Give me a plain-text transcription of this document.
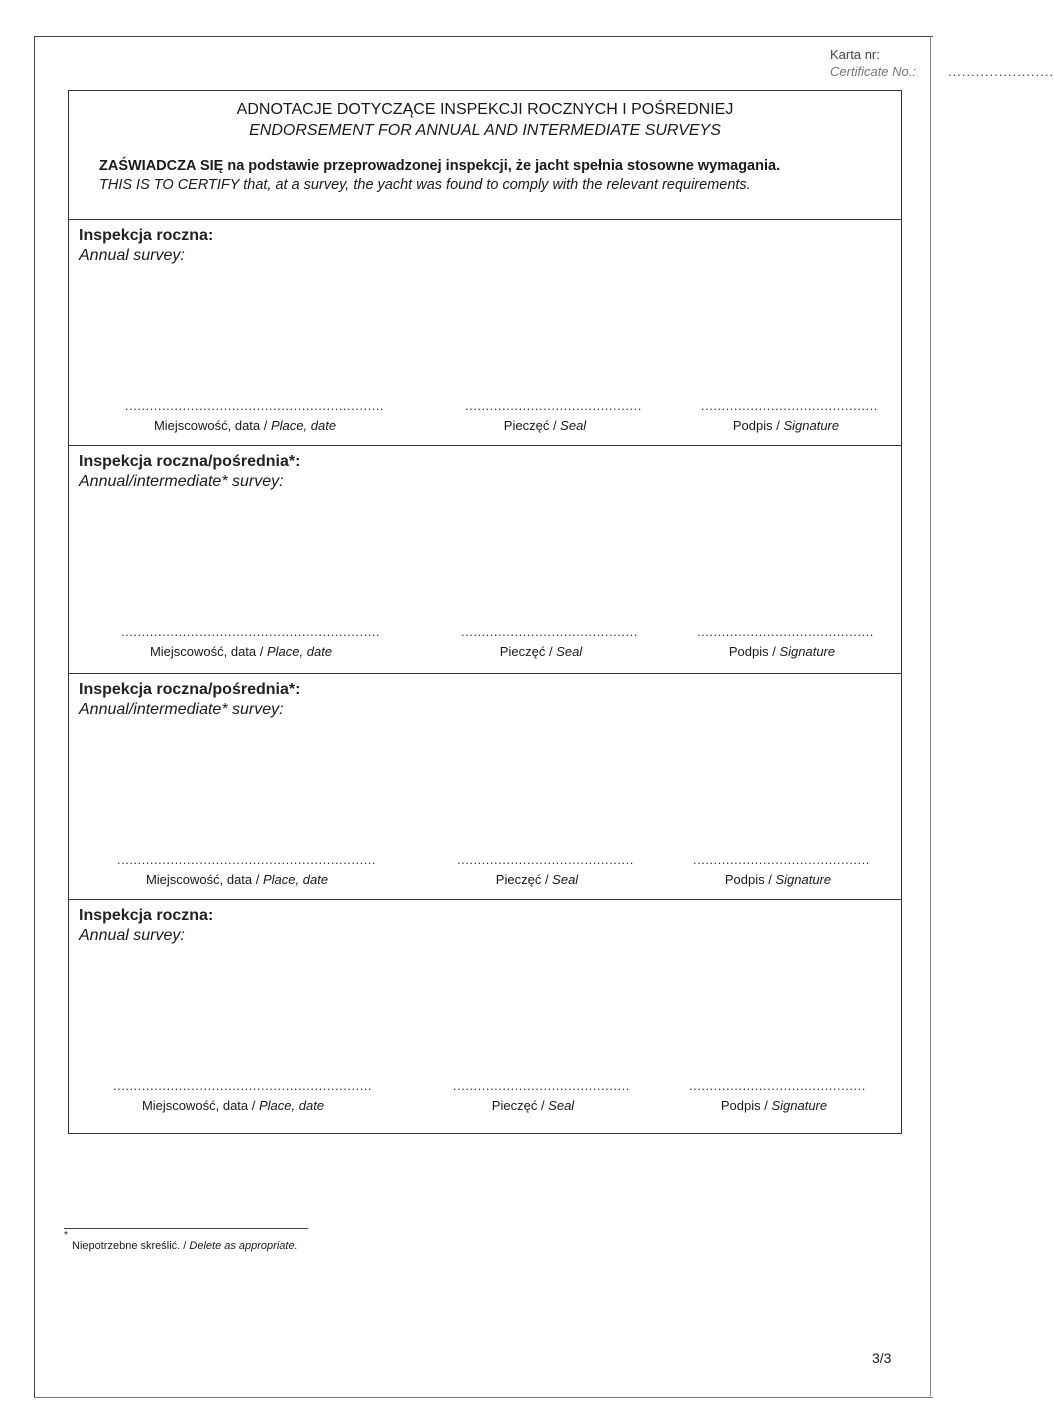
Karta nr:
Certificate No.: .......................
ADNOTACJE DOTYCZĄCE INSPEKCJI ROCZNYCH I POŚREDNIEJ
ENDORSEMENT FOR ANNUAL AND INTERMEDIATE SURVEYS
ZAŚWIADCZA SIĘ na podstawie przeprowadzonej inspekcji, że jacht spełnia stosowne wymagania.
THIS IS TO CERTIFY that, at a survey, the yacht was found to comply with the relevant requirements.
Inspekcja roczna:
Annual survey:
...............................................................
Miejscowość, data / Place, date
...........................................
Pieczęć / Seal
...........................................
Podpis / Signature
Inspekcja roczna/pośrednia*:
Annual/intermediate* survey:
...............................................................
Miejscowość, data / Place, date
...........................................
Pieczęć / Seal
...........................................
Podpis / Signature
Inspekcja roczna/pośrednia*:
Annual/intermediate* survey:
...............................................................
Miejscowość, data / Place, date
...........................................
Pieczęć / Seal
...........................................
Podpis / Signature
Inspekcja roczna:
Annual survey:
...............................................................
Miejscowość, data / Place, date
...........................................
Pieczęć / Seal
...........................................
Podpis / Signature
*
Niepotrzebne skreślić. / Delete as appropriate.
3/3
